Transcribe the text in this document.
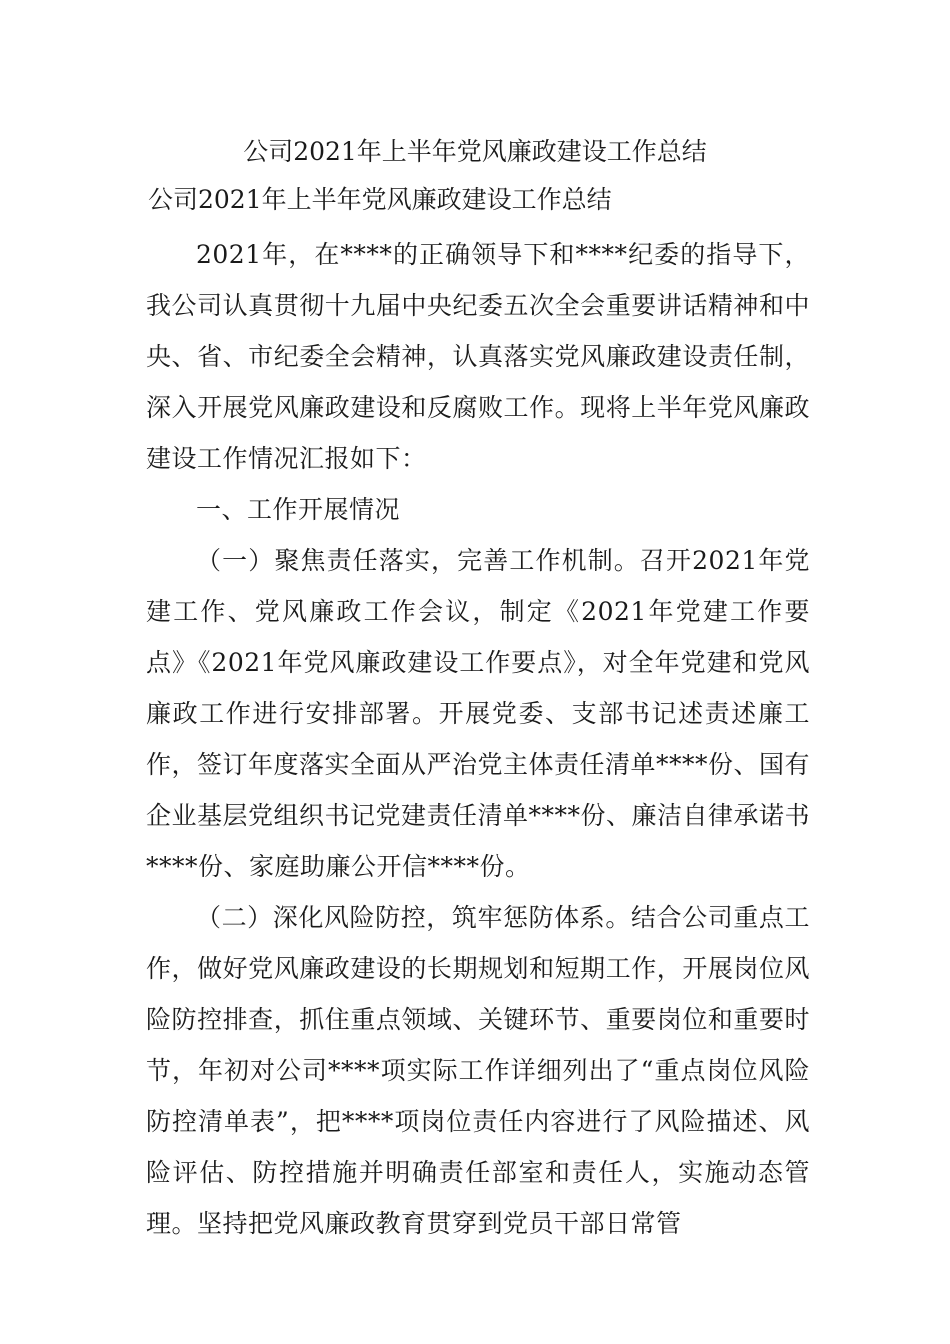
公司2021年上半年党风廉政建设工作总结
公司2021年上半年党风廉政建设工作总结

2021年，在****的正确领导下和****纪委的指导下，我公司认真贯彻十九届中央纪委五次全会重要讲话精神和中央、省、市纪委全会精神，认真落实党风廉政建设责任制，深入开展党风廉政建设和反腐败工作。现将上半年党风廉政建设工作情况汇报如下：

一、工作开展情况

（一）聚焦责任落实，完善工作机制。召开2021年党建工作、党风廉政工作会议，制定《2021年党建工作要点》《2021年党风廉政建设工作要点》，对全年党建和党风廉政工作进行安排部署。开展党委、支部书记述责述廉工作，签订年度落实全面从严治党主体责任清单****份、国有企业基层党组织书记党建责任清单****份、廉洁自律承诺书****份、家庭助廉公开信****份。

（二）深化风险防控，筑牢惩防体系。结合公司重点工作，做好党风廉政建设的长期规划和短期工作，开展岗位风险防控排查，抓住重点领域、关键环节、重要岗位和重要时节，年初对公司****项实际工作详细列出了“重点岗位风险防控清单表”，把****项岗位责任内容进行了风险描述、风险评估、防控措施并明确责任部室和责任人，实施动态管理。坚持把党风廉政教育贯穿到党员干部日常管
